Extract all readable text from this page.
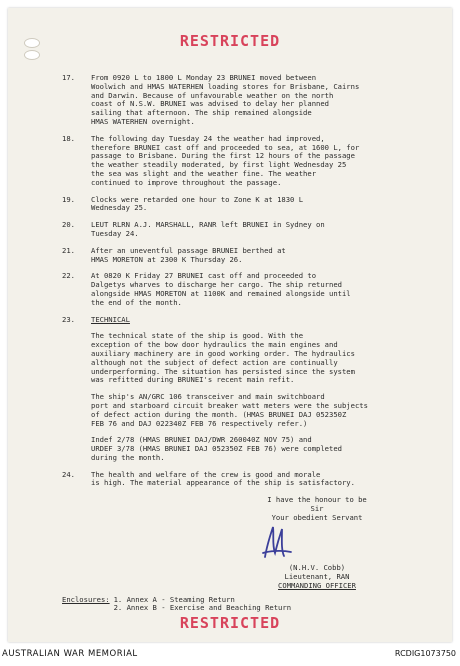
RESTRICTED
17.	From 0920 L to 1800 L Monday 23 BRUNEI moved between
Woolwich and HMAS WATERHEN loading stores for Brisbane, Cairns
and Darwin. Because of unfavourable weather on the north
coast of N.S.W. BRUNEI was advised to delay her planned
sailing that afternoon. The ship remained alongside
HMAS WATERHEN overnight.
18.	The following day Tuesday 24 the weather had improved,
therefore BRUNEI cast off and proceeded to sea, at 1600 L, for
passage to Brisbane. During the first 12 hours of the passage
the weather steadily moderated, by first light Wednesday 25
the sea was slight and the weather fine. The weather
continued to improve throughout the passage.
19.	Clocks were retarded one hour to Zone K at 1830 L
Wednesday 25.
20.	LEUT RLRN A.J. MARSHALL, RANR left BRUNEI in Sydney on
Tuesday 24.
21.	After an uneventful passage BRUNEI berthed at
HMAS MORETON at 2300 K Thursday 26.
22.	At 0820 K Friday 27 BRUNEI cast off and proceeded to
Dalgetys wharves to discharge her cargo. The ship returned
alongside HMAS MORETON at 1100K and remained alongside until
the end of the month.
23.	TECHNICAL
The technical state of the ship is good. With the
exception of the bow door hydraulics the main engines and
auxiliary machinery are in good working order. The hydraulics
although not the subject of defect action are continually
underperforming. The situation has persisted since the system
was refitted during BRUNEI's recent main refit.
The ship's AN/GRC 106 transceiver and main switchboard
port and starboard circuit breaker watt meters were the subjects
of defect action during the month. (HMAS BRUNEI DAJ 052350Z
FEB 76 and DAJ 022340Z FEB 76 respectively refer.)
Indef 2/78 (HMAS BRUNEI DAJ/DWR 260040Z NOV 75) and
URDEF 3/78 (HMAS BRUNEI DAJ 052350Z FEB 76) were completed
during the month.
24.	The health and welfare of the crew is good and morale
is high. The material appearance of the ship is satisfactory.
I have the honour to be
Sir
Your obedient Servant
(N.H.V. Cobb)
Lieutenant, RAN
COMMANDING OFFICER
Enclosures: 1. Annex A - Steaming Return
2. Annex B - Exercise and Beaching Return
RESTRICTED
AUSTRALIAN WAR MEMORIAL	RCDIG1073750
